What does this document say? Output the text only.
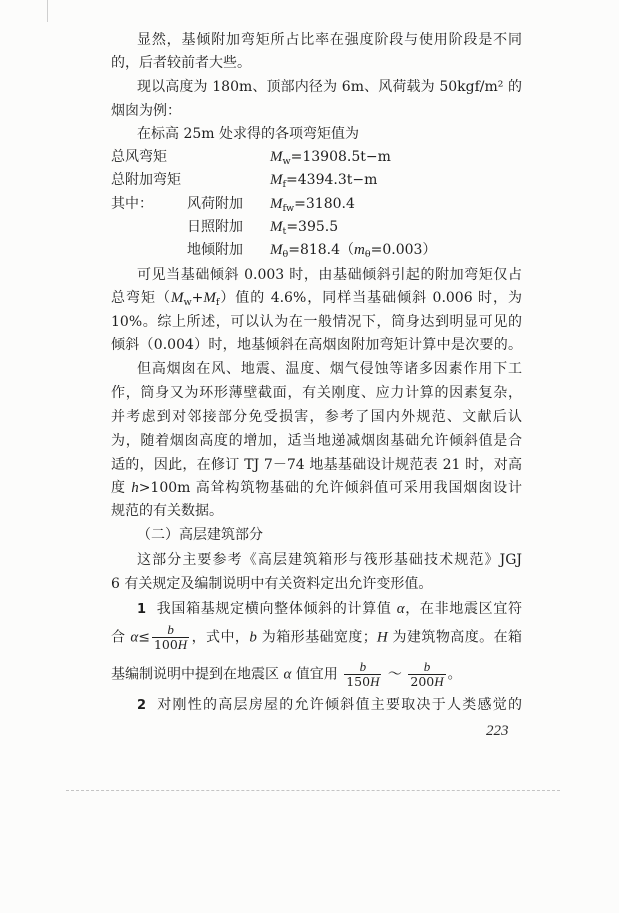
显然，基倾附加弯矩所占比率在强度阶段与使用阶段是不同
的，后者较前者大些。
现以高度为 180m、顶部内径为 6m、风荷载为 50kgf/m² 的
烟囱为例：
在标高 25m 处求得的各项弯矩值为
总风弯矩	$M_w=13908.5t-m$
总附加弯矩	$M_f=4394.3t-m$
其中： 风荷附加 $M_{fw}=3180.4$
日照附加 $M_t=395.5$
地倾附加 $M_\theta=818.4(m_\theta=0.003)$
可见当基础倾斜 0.003 时，由基础倾斜引起的附加弯矩仅占
总弯矩$(M_w+M_f)$值的 4.6%，同样当基础倾斜 0.006 时，为
10%。综上所述，可以认为在一般情况下，筒身达到明显可见的
倾斜（0.004）时，地基倾斜在高烟囱附加弯矩计算中是次要的。
但高烟囱在风、地震、温度、烟气侵蚀等诸多因素作用下工
作，筒身又为环形薄壁截面，有关刚度、应力计算的因素复杂，
并考虑到对邻接部分免受损害，参考了国内外规范、文献后认
为，随着烟囱高度的增加，适当地递减烟囱基础允许倾斜值是合
适的，因此，在修订 TJ 7－74 地基基础设计规范表 21 时，对高
度 h>100m 高耸构筑物基础的允许倾斜值可采用我国烟囱设计
规范的有关数据。
（二）高层建筑部分
这部分主要参考《高层建筑箱形与筏形基础技术规范》JGJ
6 有关规定及编制说明中有关资料定出允许变形值。
1 我国箱基规定横向整体倾斜的计算值 α，在非地震区宜符
合 $\alpha\le \frac{b}{100H}$ ，式中，b 为箱形基础宽度；H 为建筑物高度。在箱
基编制说明中提到在地震区 α 值宜用 $\frac{b}{150H}$ ～ $\frac{b}{200H}$ 。
2 对刚性的高层房屋的允许倾斜值主要取决于人类感觉的
223
